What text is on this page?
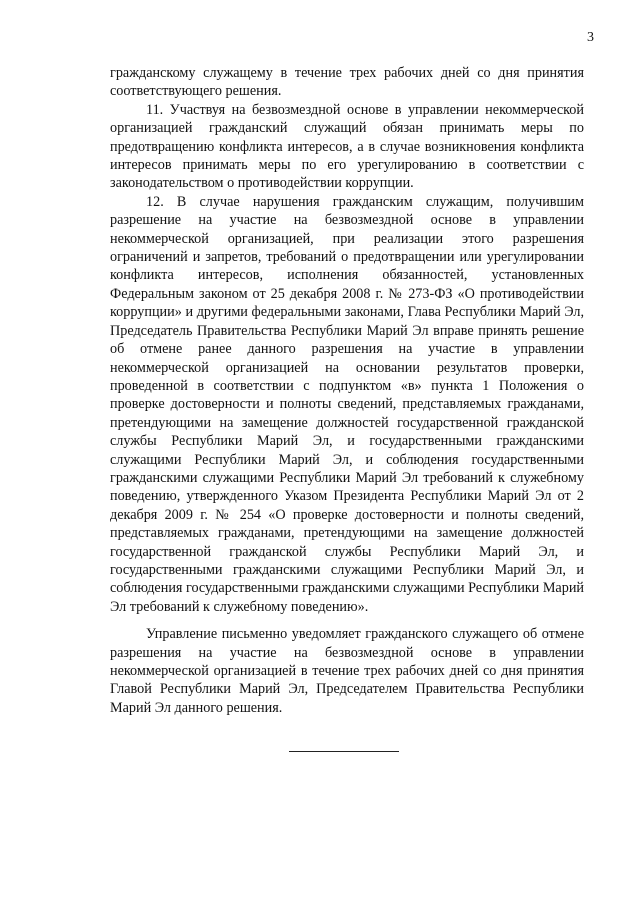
3

гражданскому служащему в течение трех рабочих дней со дня принятия соответствующего решения.

11. Участвуя на безвозмездной основе в управлении некоммерческой организацией гражданский служащий обязан принимать меры по предотвращению конфликта интересов, а в случае возникновения конфликта интересов принимать меры по его урегулированию в соответствии с законодательством о противодействии коррупции.

12. В случае нарушения гражданским служащим, получившим разрешение на участие на безвозмездной основе в управлении некоммерческой организацией, при реализации этого разрешения ограничений и запретов, требований о предотвращении или урегулировании конфликта интересов, исполнения обязанностей, установленных Федеральным законом от 25 декабря 2008 г. № 273-ФЗ «О противодействии коррупции» и другими федеральными законами, Глава Республики Марий Эл, Председатель Правительства Республики Марий Эл вправе принять решение об отмене ранее данного разрешения на участие в управлении некоммерческой организацией на основании результатов проверки, проведенной в соответствии с подпунктом «в» пункта 1 Положения о проверке достоверности и полноты сведений, представляемых гражданами, претендующими на замещение должностей государственной гражданской службы Республики Марий Эл, и государственными гражданскими служащими Республики Марий Эл, и соблюдения государственными гражданскими служащими Республики Марий Эл требований к служебному поведению, утвержденного Указом Президента Республики Марий Эл от 2 декабря 2009 г. № 254 «О проверке достоверности и полноты сведений, представляемых гражданами, претендующими на замещение должностей государственной гражданской службы Республики Марий Эл, и государственными гражданскими служащими Республики Марий Эл, и соблюдения государственными гражданскими служащими Республики Марий Эл требований к служебному поведению».

Управление письменно уведомляет гражданского служащего об отмене разрешения на участие на безвозмездной основе в управлении некоммерческой организацией в течение трех рабочих дней со дня принятия Главой Республики Марий Эл, Председателем Правительства Республики Марий Эл данного решения.
